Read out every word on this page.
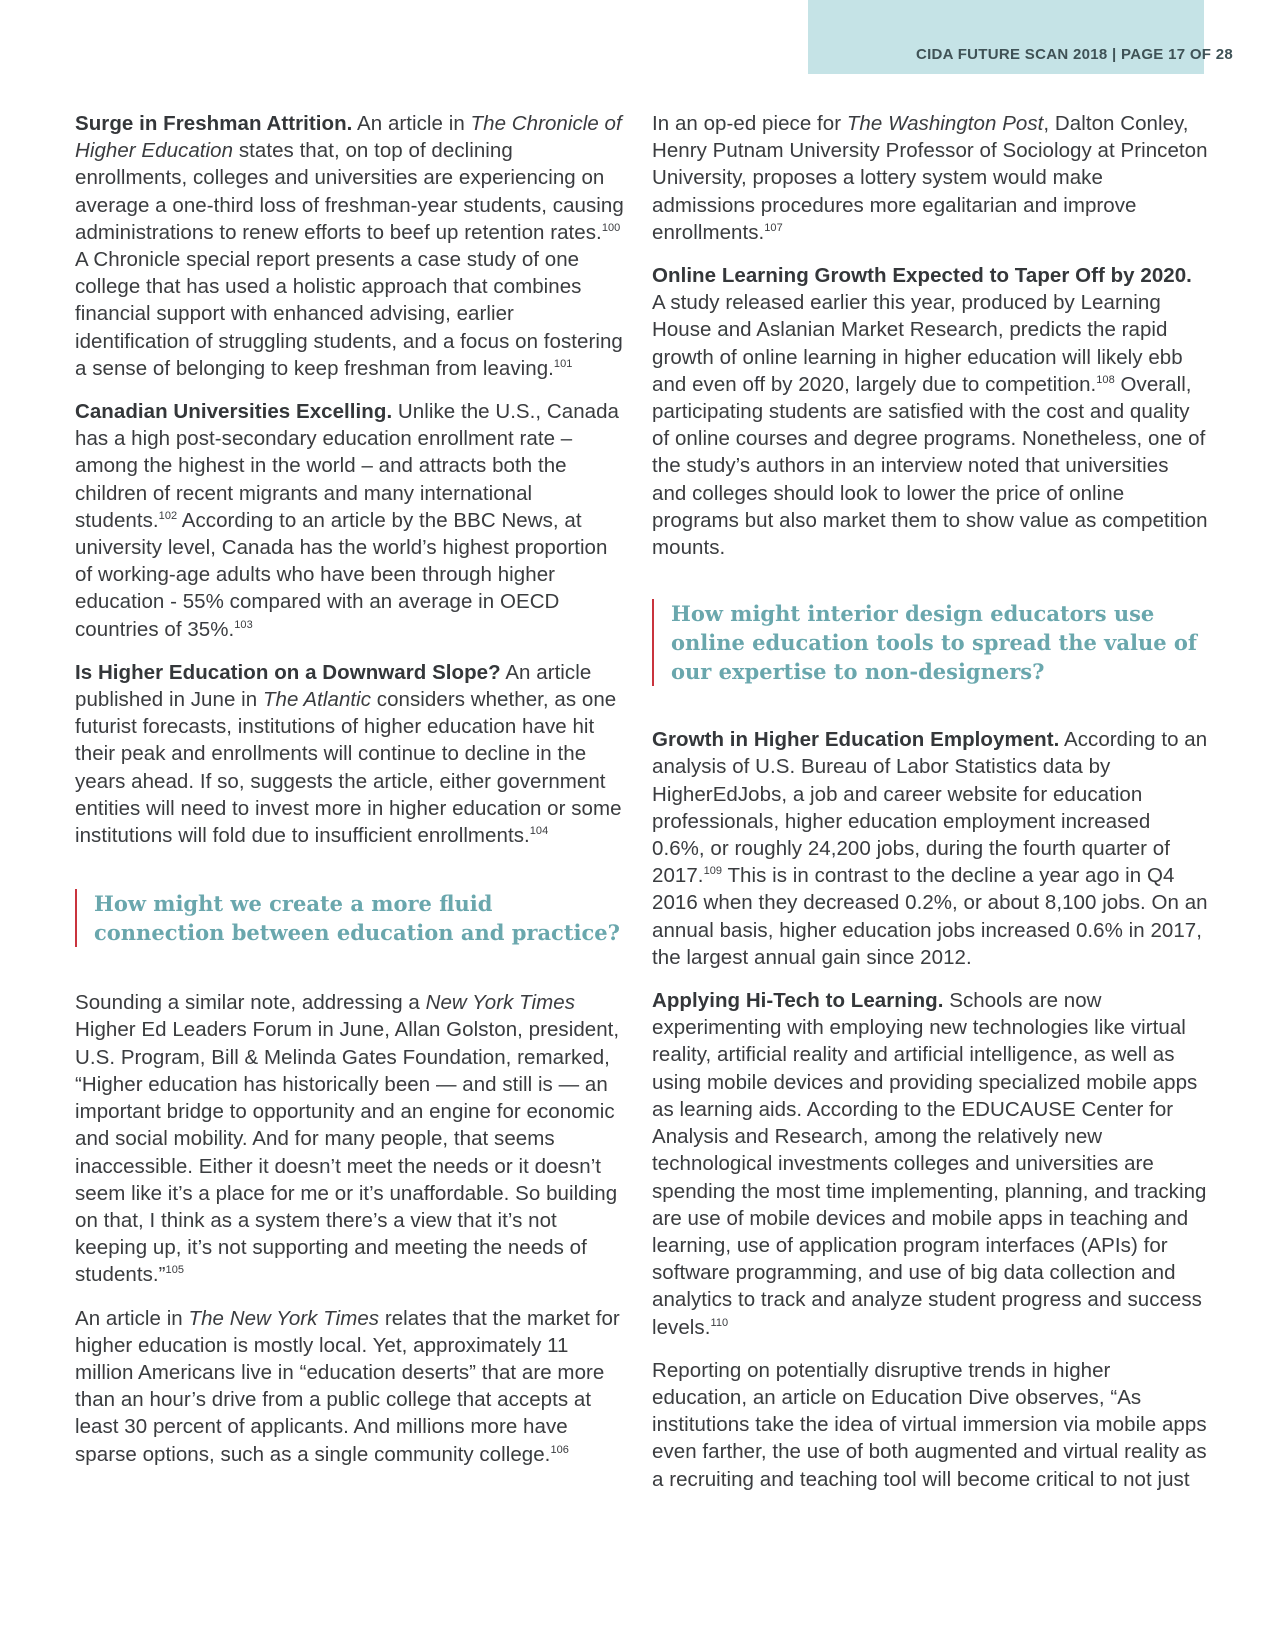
CIDA FUTURE SCAN 2018 | PAGE 17 OF 28

Surge in Freshman Attrition. An article in The Chronicle of Higher Education states that, on top of declining enrollments, colleges and universities are experiencing on average a one-third loss of freshman-year students, causing administrations to renew efforts to beef up retention rates.$^{100}$ A Chronicle special report presents a case study of one college that has used a holistic approach that combines financial support with enhanced advising, earlier identification of struggling students, and a focus on fostering a sense of belonging to keep freshman from leaving.$^{101}$

Canadian Universities Excelling. Unlike the U.S., Canada has a high post-secondary education enrollment rate – among the highest in the world – and attracts both the children of recent migrants and many international students.$^{102}$ According to an article by the BBC News, at university level, Canada has the world’s highest proportion of working-age adults who have been through higher education - 55% compared with an average in OECD countries of 35%.$^{103}$

Is Higher Education on a Downward Slope? An article published in June in The Atlantic considers whether, as one futurist forecasts, institutions of higher education have hit their peak and enrollments will continue to decline in the years ahead. If so, suggests the article, either government entities will need to invest more in higher education or some institutions will fold due to insufficient enrollments.$^{104}$

How might we create a more fluid connection between education and practice?

Sounding a similar note, addressing a New York Times Higher Ed Leaders Forum in June, Allan Golston, president, U.S. Program, Bill & Melinda Gates Foundation, remarked, “Higher education has historically been — and still is — an important bridge to opportunity and an engine for economic and social mobility. And for many people, that seems inaccessible. Either it doesn’t meet the needs or it doesn’t seem like it’s a place for me or it’s unaffordable. So building on that, I think as a system there’s a view that it’s not keeping up, it’s not supporting and meeting the needs of students.”$^{105}$

An article in The New York Times relates that the market for higher education is mostly local. Yet, approximately 11 million Americans live in “education deserts” that are more than an hour’s drive from a public college that accepts at least 30 percent of applicants. And millions more have sparse options, such as a single community college.$^{106}$

In an op-ed piece for The Washington Post, Dalton Conley, Henry Putnam University Professor of Sociology at Princeton University, proposes a lottery system would make admissions procedures more egalitarian and improve enrollments.$^{107}$

Online Learning Growth Expected to Taper Off by 2020. A study released earlier this year, produced by Learning House and Aslanian Market Research, predicts the rapid growth of online learning in higher education will likely ebb and even off by 2020, largely due to competition.$^{108}$ Overall, participating students are satisfied with the cost and quality of online courses and degree programs. Nonetheless, one of the study’s authors in an interview noted that universities and colleges should look to lower the price of online programs but also market them to show value as competition mounts.

How might interior design educators use online education tools to spread the value of our expertise to non-designers?

Growth in Higher Education Employment. According to an analysis of U.S. Bureau of Labor Statistics data by HigherEdJobs, a job and career website for education professionals, higher education employment increased 0.6%, or roughly 24,200 jobs, during the fourth quarter of 2017.$^{109}$ This is in contrast to the decline a year ago in Q4 2016 when they decreased 0.2%, or about 8,100 jobs. On an annual basis, higher education jobs increased 0.6% in 2017, the largest annual gain since 2012.

Applying Hi-Tech to Learning. Schools are now experimenting with employing new technologies like virtual reality, artificial reality and artificial intelligence, as well as using mobile devices and providing specialized mobile apps as learning aids. According to the EDUCAUSE Center for Analysis and Research, among the relatively new technological investments colleges and universities are spending the most time implementing, planning, and tracking are use of mobile devices and mobile apps in teaching and learning, use of application program interfaces (APIs) for software programming, and use of big data collection and analytics to track and analyze student progress and success levels.$^{110}$

Reporting on potentially disruptive trends in higher education, an article on Education Dive observes, “As institutions take the idea of virtual immersion via mobile apps even farther, the use of both augmented and virtual reality as a recruiting and teaching tool will become critical to not just
